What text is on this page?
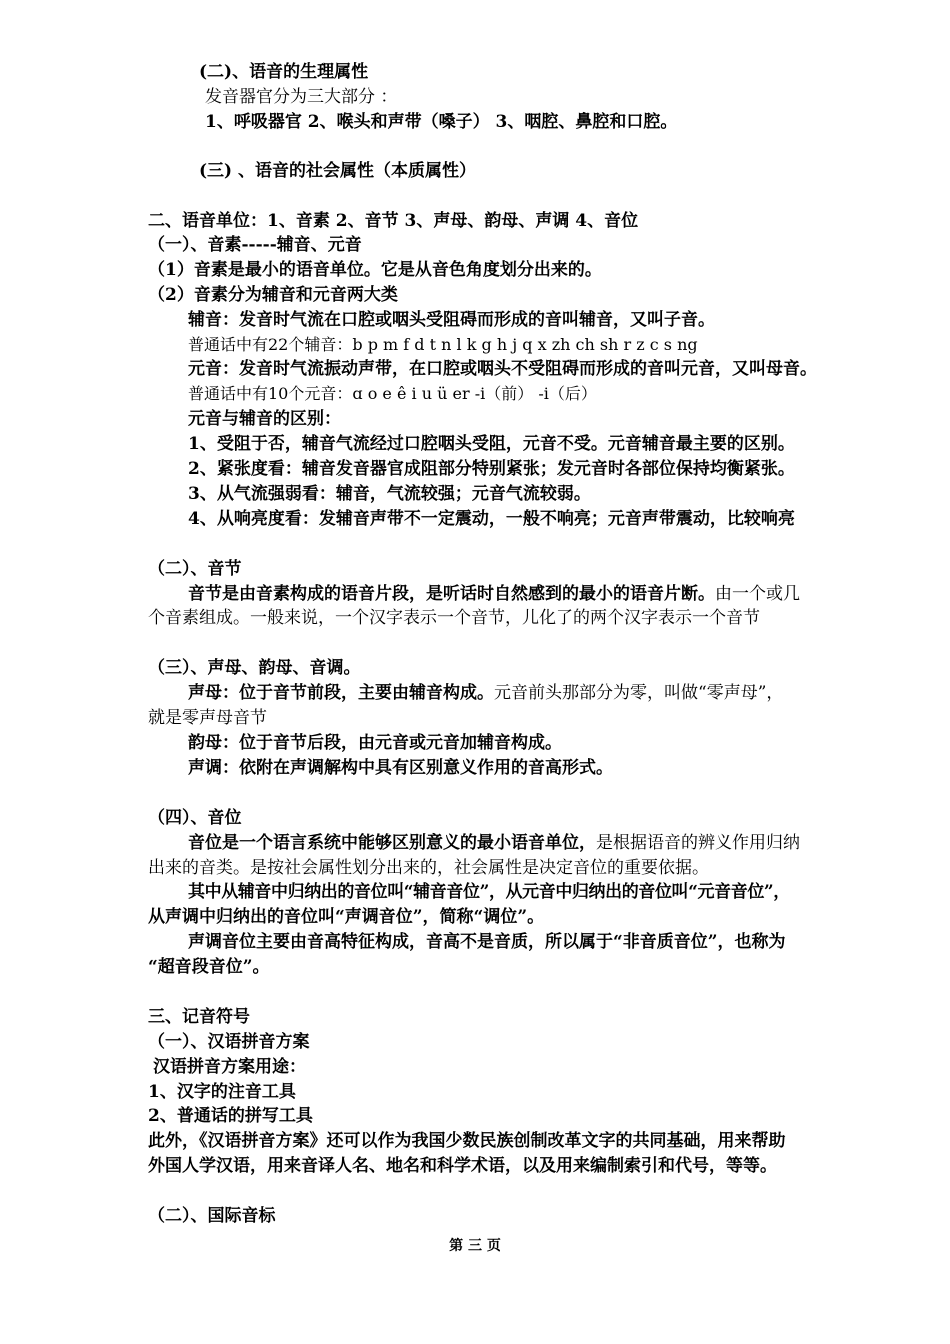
(二)、语音的生理属性
发音器官分为三大部分 ：
1、呼吸器官 2、喉头和声带（嗓子） 3、咽腔、鼻腔和口腔。
(三) 、语音的社会属性（本质属性）
二、语音单位：1、音素 2、音节 3、声母、韵母、声调 4、音位
（一）、音素-----辅音、元音
（1）音素是最小的语音单位。它是从音色角度划分出来的。
（2）音素分为辅音和元音两大类
辅音：发音时气流在口腔或咽头受阻碍而形成的音叫辅音，又叫子音。
普通话中有22个辅音：b p m f d t n l k g h j q x zh ch sh r z c s ng
元音：发音时气流振动声带，在口腔或咽头不受阻碍而形成的音叫元音，又叫母音。
普通话中有10个元音：ɑ o e ê i u ü er -i（前） -i（后）
元音与辅音的区别：
1、受阻于否，辅音气流经过口腔咽头受阻，元音不受。元音辅音最主要的区别。
2、紧张度看：辅音发音器官成阻部分特别紧张；发元音时各部位保持均衡紧张。
3、从气流强弱看：辅音，气流较强；元音气流较弱。
4、从响亮度看：发辅音声带不一定震动，一般不响亮；元音声带震动，比较响亮
（二）、音节
音节是由音素构成的语音片段，是听话时自然感到的最小的语音片断。由一个或几
个音素组成。一般来说，一个汉字表示一个音节，儿化了的两个汉字表示一个音节
（三）、声母、韵母、音调。
声母：位于音节前段，主要由辅音构成。元音前头那部分为零，叫做“零声母”，
就是零声母音节
韵母：位于音节后段，由元音或元音加辅音构成。
声调：依附在声调解构中具有区别意义作用的音高形式。
（四）、音位
音位是一个语言系统中能够区别意义的最小语音单位，是根据语音的辨义作用归纳
出来的音类。是按社会属性划分出来的，社会属性是决定音位的重要依据。
其中从辅音中归纳出的音位叫“辅音音位”，从元音中归纳出的音位叫“元音音位”，
从声调中归纳出的音位叫“声调音位”，简称“调位”。
声调音位主要由音高特征构成，音高不是音质，所以属于“非音质音位”，也称为
“超音段音位”。
三、记音符号
（一）、汉语拼音方案
汉语拼音方案用途：
1、汉字的注音工具
2、普通话的拼写工具
此外，《汉语拼音方案》还可以作为我国少数民族创制改革文字的共同基础，用来帮助
外国人学汉语，用来音译人名、地名和科学术语，以及用来编制索引和代号，等等。
（二）、国际音标
第 三 页
